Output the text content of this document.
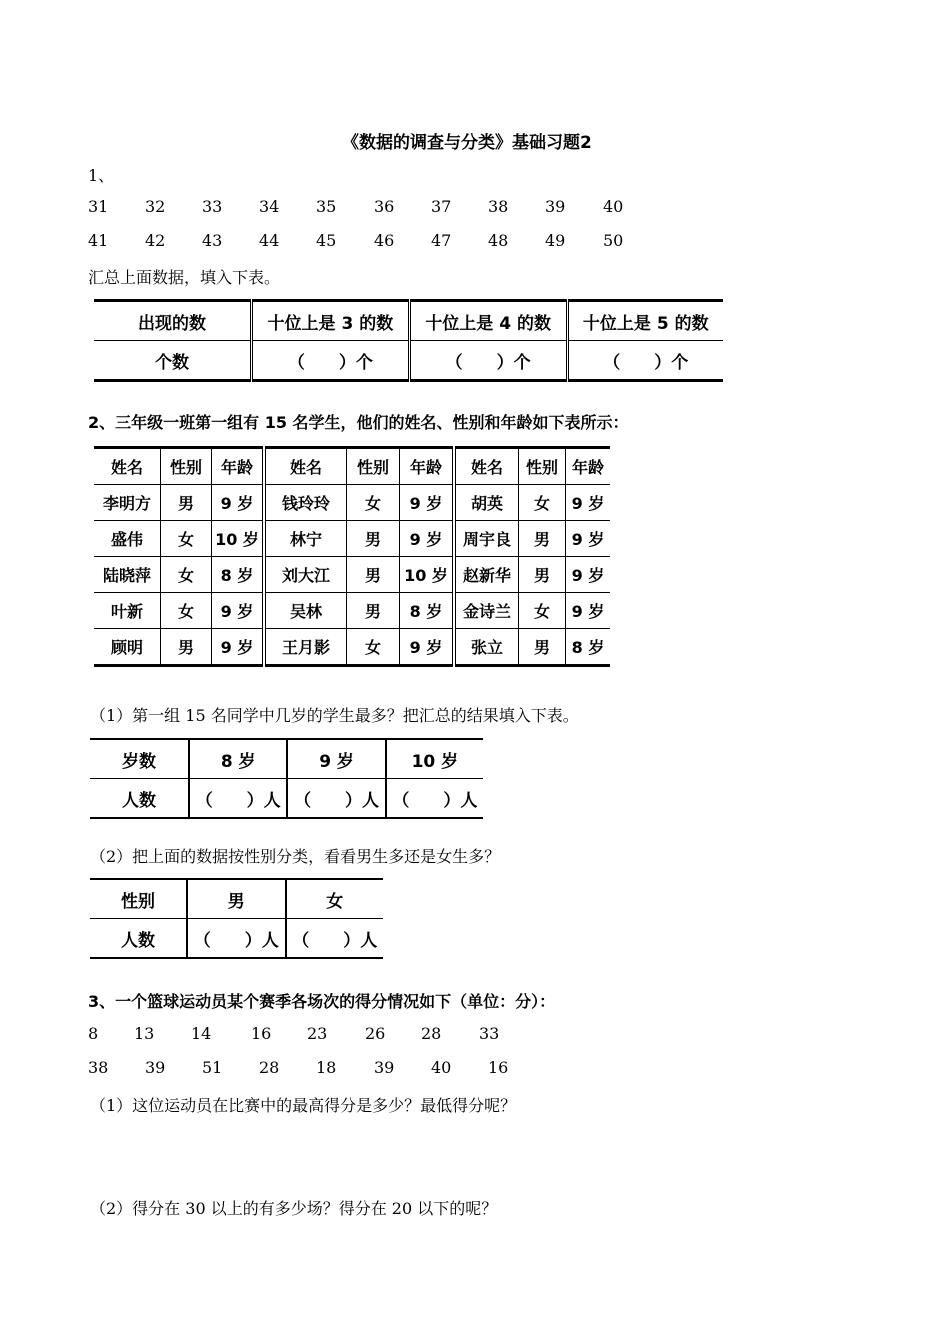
《数据的调查与分类》基础习题2
1、
31 32 33 34 35 36 37 38 39 40
41 42 43 44 45 46 47 48 49 50
汇总上面数据，填入下表。
出现的数	十位上是 3 的数	十位上是 4 的数	十位上是 5 的数
个数	（　　）个	（　　）个	（　　）个
2、三年级一班第一组有 15 名学生，他们的姓名、性别和年龄如下表所示：
姓名	性别	年龄	姓名	性别	年龄	姓名	性别	年龄
李明方	男	9 岁	钱玲玲	女	9 岁	胡英	女	9 岁
盛伟	女	10 岁	林宁	男	9 岁	周宇良	男	9 岁
陆晓萍	女	8 岁	刘大江	男	10 岁	赵新华	男	9 岁
叶新	女	9 岁	吴林	男	8 岁	金诗兰	女	9 岁
顾明	男	9 岁	王月影	女	9 岁	张立	男	8 岁
（1）第一组 15 名同学中几岁的学生最多？把汇总的结果填入下表。
岁数	8 岁	9 岁	10 岁
人数	（　　）人	（　　）人	（　　）人
（2）把上面的数据按性别分类，看看男生多还是女生多？
性别	男	女
人数	（　　）人	（　　）人
3、一个篮球运动员某个赛季各场次的得分情况如下（单位：分）：
8 13 14 16 23 26 28 33
38 39 51 28 18 39 40 16
（1）这位运动员在比赛中的最高得分是多少？最低得分呢？
（2）得分在 30 以上的有多少场？得分在 20 以下的呢？
